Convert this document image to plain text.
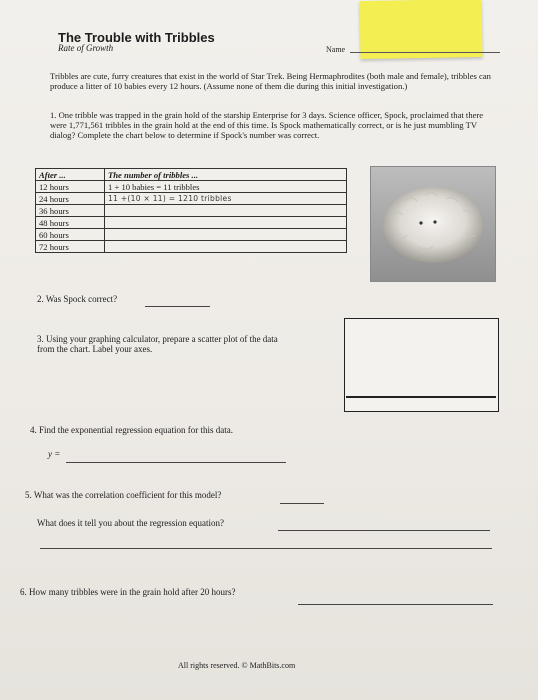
The Trouble with Tribbles
Rate of Growth	Name
Tribbles are cute, furry creatures that exist in the world of Star Trek. Being Hermaphrodites (both male and female), tribbles can produce a litter of 10 babies every 12 hours. (Assume none of them die during this initial investigation.)
1. One tribble was trapped in the grain hold of the starship Enterprise for 3 days. Science officer, Spock, proclaimed that there were 1,771,561 tribbles in the grain hold at the end of this time. Is Spock mathematically correct, or is he just mumbling TV dialog? Complete the chart below to determine if Spock's number was correct.
After ...	The number of tribbles ...
12 hours	1 + 10 babies = 11 tribbles
24 hours	11 +(10 × 11) = 1210 tribbles
36 hours	
48 hours	
60 hours	
72 hours	
2. Was Spock correct?
3. Using your graphing calculator, prepare a scatter plot of the data from the chart. Label your axes.
4. Find the exponential regression equation for this data.
y =
5. What was the correlation coefficient for this model?
What does it tell you about the regression equation?
6. How many tribbles were in the grain hold after 20 hours?
All rights reserved. © MathBits.com
